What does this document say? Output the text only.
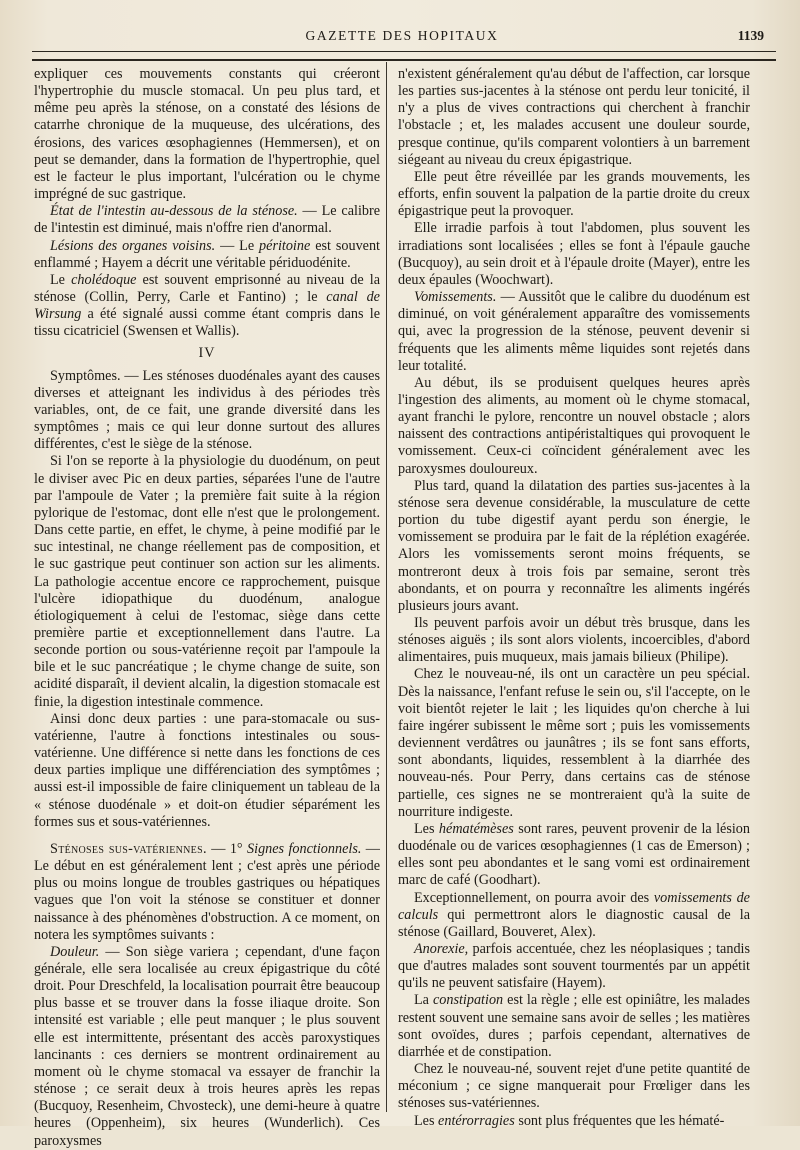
GAZETTE DES HOPITAUX	1139

expliquer ces mouvements constants qui créeront l'hypertrophie du muscle stomacal. Un peu plus tard, et même peu après la sténose, on a constaté des lésions de catarrhe chronique de la muqueuse, des ulcérations, des érosions, des varices œsophagiennes (Hemmersen), et on peut se demander, dans la formation de l'hypertrophie, quel est le facteur le plus important, l'ulcération ou le chyme imprégné de suc gastrique.

État de l'intestin au-dessous de la sténose. — Le calibre de l'intestin est diminué, mais n'offre rien d'anormal.

Lésions des organes voisins. — Le péritoine est souvent enflammé ; Hayem a décrit une véritable périduodénite.

Le cholédoque est souvent emprisonné au niveau de la sténose (Collin, Perry, Carle et Fantino) ; le canal de Wirsung a été signalé aussi comme étant compris dans le tissu cicatriciel (Swensen et Wallis).

IV

Symptômes. — Les sténoses duodénales ayant des causes diverses et atteignant les individus à des périodes très variables, ont, de ce fait, une grande diversité dans les symptômes ; mais ce qui leur donne surtout des allures différentes, c'est le siège de la sténose.

Si l'on se reporte à la physiologie du duodénum, on peut le diviser avec Pic en deux parties, séparées l'une de l'autre par l'ampoule de Vater ; la première fait suite à la région pylorique de l'estomac, dont elle n'est que le prolongement. Dans cette partie, en effet, le chyme, à peine modifié par le suc intestinal, ne change réellement pas de composition, et le suc gastrique peut continuer son action sur les aliments. La pathologie accentue encore ce rapprochement, puisque l'ulcère idiopathique du duodénum, analogue étiologiquement à celui de l'estomac, siège dans cette première partie et exceptionnellement dans l'autre. La seconde portion ou sous-vatérienne reçoit par l'ampoule la bile et le suc pancréatique ; le chyme change de suite, son acidité disparaît, il devient alcalin, la digestion stomacale est finie, la digestion intestinale commence.

Ainsi donc deux parties : une para-stomacale ou sus-vatérienne, l'autre à fonctions intestinales ou sous-vatérienne. Une différence si nette dans les fonctions de ces deux parties implique une différenciation des symptômes ; aussi est-il impossible de faire cliniquement un tableau de la « sténose duodénale » et doit-on étudier séparément les formes sus et sous-vatériennes.

Sténoses sus-vatériennes. — 1° Signes fonctionnels. — Le début en est généralement lent ; c'est après une période plus ou moins longue de troubles gastriques ou hépatiques vagues que l'on voit la sténose se constituer et donner naissance à des phénomènes d'obstruction. A ce moment, on notera les symptômes suivants :

Douleur. — Son siège variera ; cependant, d'une façon générale, elle sera localisée au creux épigastrique du côté droit. Pour Dreschfeld, la localisation pourrait être beaucoup plus basse et se trouver dans la fosse iliaque droite. Son intensité est variable ; elle peut manquer ; le plus souvent elle est intermittente, présentant des accès paroxystiques lancinants : ces derniers se montrent ordinairement au moment où le chyme stomacal va essayer de franchir la sténose ; ce serait deux à trois heures après les repas (Bucquoy, Resenheim, Chvosteck), une demi-heure à quatre heures (Oppenheim), six heures (Wunderlich). Ces paroxysmes

n'existent généralement qu'au début de l'affection, car lorsque les parties sus-jacentes à la sténose ont perdu leur tonicité, il n'y a plus de vives contractions qui cherchent à franchir l'obstacle ; et, les malades accusent une douleur sourde, presque continue, qu'ils comparent volontiers à un barrement siégeant au niveau du creux épigastrique.

Elle peut être réveillée par les grands mouvements, les efforts, enfin souvent la palpation de la partie droite du creux épigastrique peut la provoquer.

Elle irradie parfois à tout l'abdomen, plus souvent les irradiations sont localisées ; elles se font à l'épaule gauche (Bucquoy), au sein droit et à l'épaule droite (Mayer), entre les deux épaules (Woochwart).

Vomissements. — Aussitôt que le calibre du duodénum est diminué, on voit généralement apparaître des vomissements qui, avec la progression de la sténose, peuvent devenir si fréquents que les aliments même liquides sont rejetés dans leur totalité.

Au début, ils se produisent quelques heures après l'ingestion des aliments, au moment où le chyme stomacal, ayant franchi le pylore, rencontre un nouvel obstacle ; alors naissent des contractions antipéristaltiques qui provoquent le vomissement. Ceux-ci coïncident généralement avec les paroxysmes douloureux.

Plus tard, quand la dilatation des parties sus-jacentes à la sténose sera devenue considérable, la musculature de cette portion du tube digestif ayant perdu son énergie, le vomissement se produira par le fait de la réplétion exagérée. Alors les vomissements seront moins fréquents, se montreront deux à trois fois par semaine, seront très abondants, et on pourra y reconnaître les aliments ingérés plusieurs jours avant.

Ils peuvent parfois avoir un début très brusque, dans les sténoses aiguës ; ils sont alors violents, incoercibles, d'abord alimentaires, puis muqueux, mais jamais bilieux (Philipe).

Chez le nouveau-né, ils ont un caractère un peu spécial. Dès la naissance, l'enfant refuse le sein ou, s'il l'accepte, on le voit bientôt rejeter le lait ; les liquides qu'on cherche à lui faire ingérer subissent le même sort ; puis les vomissements deviennent verdâtres ou jaunâtres ; ils se font sans efforts, sont abondants, liquides, ressemblent à la diarrhée des nouveau-nés. Pour Perry, dans certains cas de sténose partielle, ces signes ne se montreraient qu'à la suite de nourriture indigeste.

Les hématémèses sont rares, peuvent provenir de la lésion duodénale ou de varices œsophagiennes (1 cas de Emerson) ; elles sont peu abondantes et le sang vomi est ordinairement marc de café (Goodhart).

Exceptionnellement, on pourra avoir des vomissements de calculs qui permettront alors le diagnostic causal de la sténose (Gaillard, Bouveret, Alex).

Anorexie, parfois accentuée, chez les néoplasiques ; tandis que d'autres malades sont souvent tourmentés par un appétit qu'ils ne peuvent satisfaire (Hayem).

La constipation est la règle ; elle est opiniâtre, les malades restent souvent une semaine sans avoir de selles ; les matières sont ovoïdes, dures ; parfois cependant, alternatives de diarrhée et de constipation.

Chez le nouveau-né, souvent rejet d'une petite quantité de méconium ; ce signe manquerait pour Frœliger dans les sténoses sus-vatériennes.

Les entérorragies sont plus fréquentes que les hématé-
